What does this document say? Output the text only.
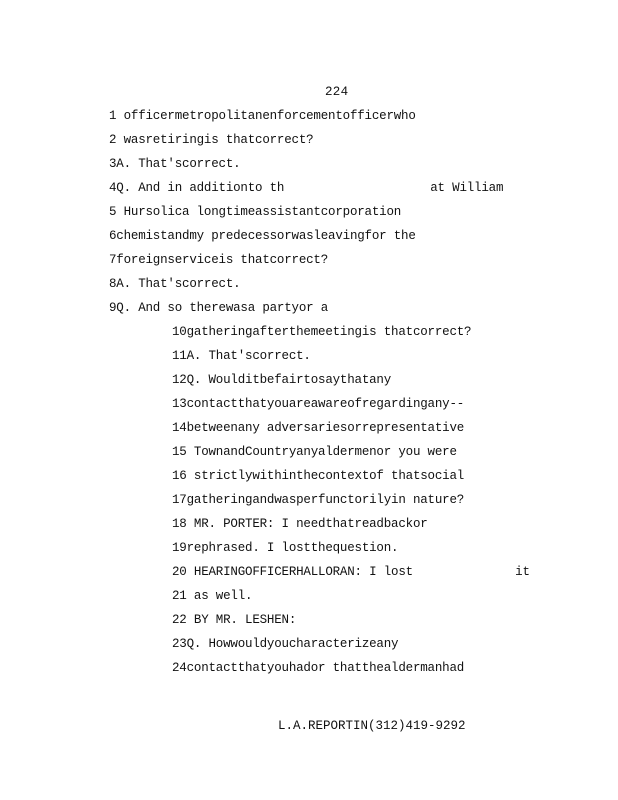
224
1 officermetropolitanenforcementofficerwho
2 wasretiringis thatcorrect?
3A. That'scorrect.
4Q. And in additionto th                    at William
5 Hursolica longtimeassistantcorporation
6chemistandmy predecessorwasleavingfor the
7foreignserviceis thatcorrect?
8A. That'scorrect.
9Q. And so therewasa partyor a
10gatheringafterthemeetingis thatcorrect?
11A. That'scorrect.
12Q. Woulditbefairtosaythatany
13contactthatyouareawareofregardingany--
14betweenany adversariesorrepresentative
15 TownandCountryanyaldermenor you were
16 strictlywithinthecontextof thatsocial
17gatheringandwasperfunctorilyin nature?
18 MR. PORTER: I needthatreadbackor
19rephrased. I lostthequestion.
20 HEARINGOFFICERHALLORAN: I lost              it
21 as well.
22 BY MR. LESHEN:
23Q. Howwouldyoucharacterizeany
24contactthatyouhador thatthealdermanhad
L.A.REPORTIN(312)419-9292
